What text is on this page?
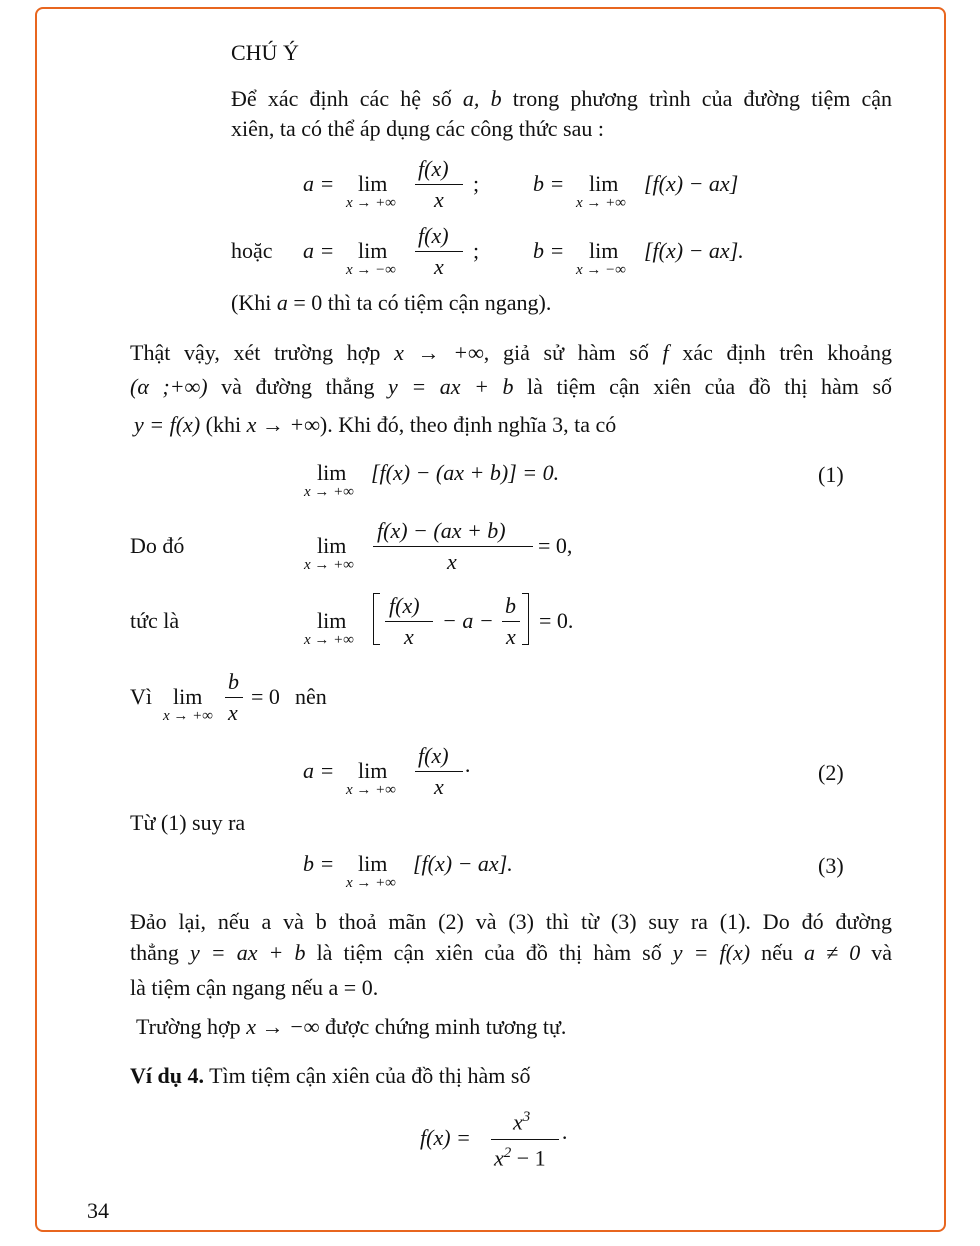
CHÚ Ý
Để xác định các hệ số a, b trong phương trình của đường tiệm cận
xiên, ta có thể áp dụng các công thức sau :
a = lim
x → +∞
f(x)
x
; b = lim
x → +∞
[f(x) − ax]
hoặc a = lim
x → −∞
f(x)
x
; b = lim
x → −∞
[f(x) − ax].
(Khi a = 0 thì ta có tiệm cận ngang).
Thật vậy, xét trường hợp x → +∞, giả sử hàm số f xác định trên khoảng
(α ;+∞) và đường thẳng y = ax + b là tiệm cận xiên của đồ thị hàm số
y = f(x) (khi x → +∞). Khi đó, theo định nghĩa 3, ta có
lim
x → +∞
[f(x) − (ax + b)] = 0.	(1)
Do đó	lim
x → +∞
f(x) − (ax + b)
x
= 0,
tức là	lim
x → +∞
f(x)
x
− a −
b
x
= 0.
Vì lim
x → +∞
b
x
= 0 nên
a = lim
x → +∞
f(x)
x
·	(2)
Từ (1) suy ra
b = lim
x → +∞
[f(x) − ax].	(3)
Đảo lại, nếu a và b thoả mãn (2) và (3) thì từ (3) suy ra (1). Do đó đường
thẳng y = ax + b là tiệm cận xiên của đồ thị hàm số y = f(x) nếu a ≠ 0 và
là tiệm cận ngang nếu a = 0.
Trường hợp x → −∞ được chứng minh tương tự.
Ví dụ 4. Tìm tiệm cận xiên của đồ thị hàm số
f(x) =
$x^3$
$x^2 - 1$
·
34
